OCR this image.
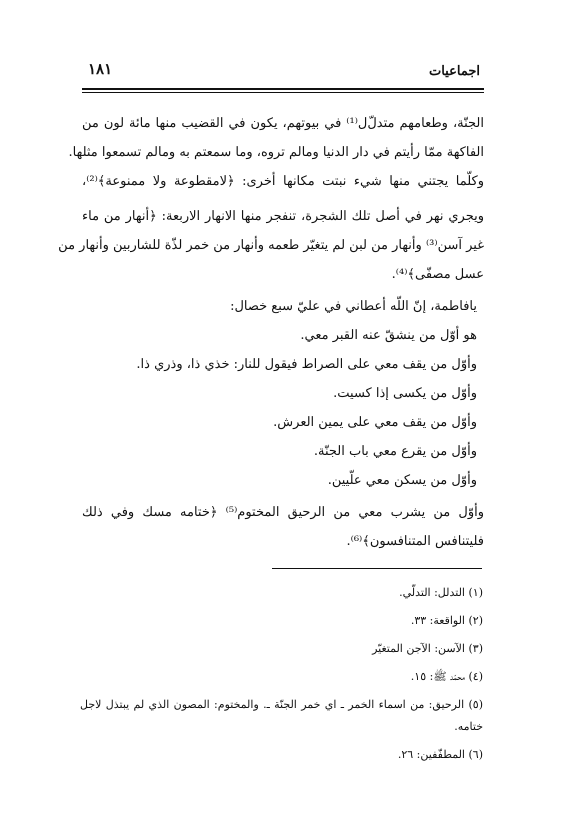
١٨١	اجماعيات
الجنّة، وطعامهم متدلّ‌ل⁽¹⁾ في بيوتهم، يكون في القضيب منها مائة لون من
الفاكهة ممّا رأيتم في دار الدنيا ومالم تروه، وما سمعتم به ومالم تسمعوا مثلها.
وكلّما يجتني منها شيء نبتت مكانها أخرى: ﴿لامقطوعة ولا ممنوعة﴾⁽²⁾،
ويجري نهر في أصل تلك الشجرة، تنفجر منها الانهار الاربعة: ﴿أنهار من ماء
غير آسن⁽³⁾ وأنهار من لبن لم يتغيّر طعمه وأنهار من خمر لذّة للشاربين وأنهار من
عسل مصفّى﴾⁽⁴⁾.
يافاطمة، إنّ اللّه أعطاني في عليّ سبع خصال:
هو أوّل من ينشقّ عنه القبر معي.
وأوّل من يقف معي على الصراط فيقول للنار: خذي ذا، وذري ذا.
وأوّل من يكسى إذا كسيت.
وأوّل من يقف معي على يمين العرش.
وأوّل من يقرع معي باب الجنّة.
وأوّل من يسكن معي علّيين.
وأوّل من يشرب معي من الرحيق المختوم⁽⁵⁾ ﴿ختامه مسك وفي ذلك
فليتنافس المتنافسون﴾⁽⁶⁾.
(١) التدلل: التدلّي.
(٢) الواقعة: ٣٣.
(٣) الآسن: الآجن المتغيّر
(٤) محمّد ﷺ: ١٥.
(٥) الرحيق: من اسماء الخمر ـ اي خمر الجنّة ـ. والمختوم: المصون الذي لم يبتذل لاجل
ختامه.
(٦) المطفّفين: ٢٦.
